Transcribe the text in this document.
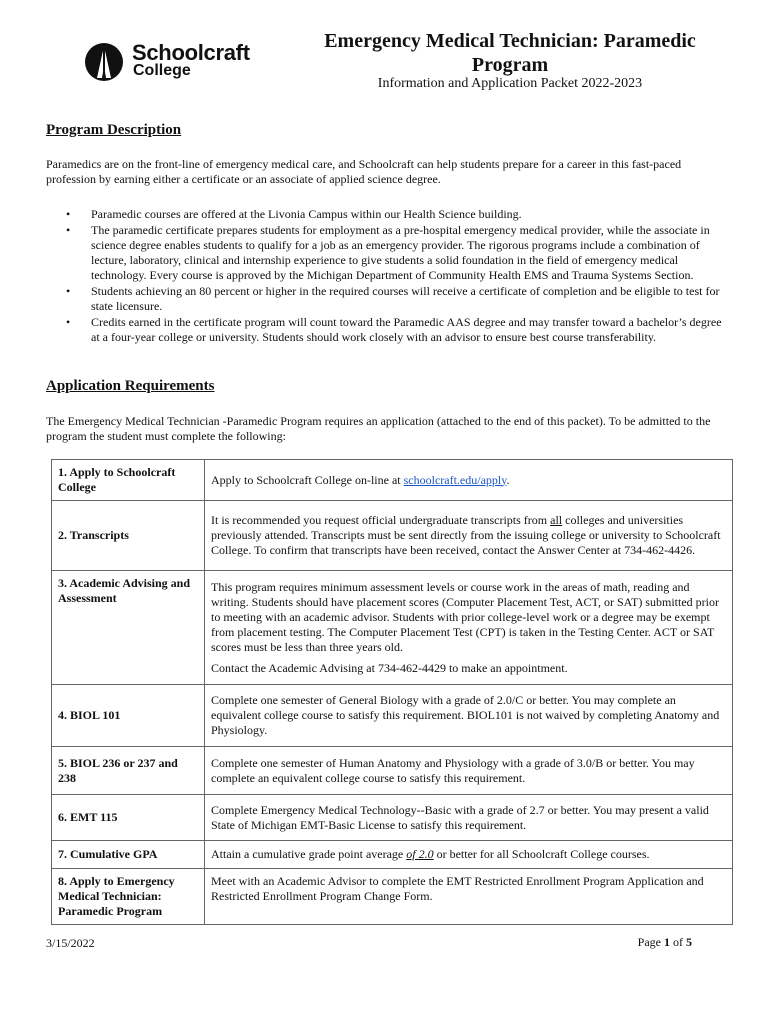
Schoolcraft
College
Emergency Medical Technician: Paramedic Program
Information and Application Packet 2022-2023
Program Description

Paramedics are on the front-line of emergency medical care, and Schoolcraft can help students prepare for a career in this fast-paced profession by earning either a certificate or an associate of applied science degree.

• Paramedic courses are offered at the Livonia Campus within our Health Science building.
• The paramedic certificate prepares students for employment as a pre-hospital emergency medical provider, while the associate in science degree enables students to qualify for a job as an emergency provider. The rigorous programs include a combination of lecture, laboratory, clinical and internship experience to give students a solid foundation in the field of emergency medical technology. Every course is approved by the Michigan Department of Community Health EMS and Trauma Systems Section.
• Students achieving an 80 percent or higher in the required courses will receive a certificate of completion and be eligible to test for state licensure.
• Credits earned in the certificate program will count toward the Paramedic AAS degree and may transfer toward a bachelor’s degree at a four-year college or university. Students should work closely with an advisor to ensure best course transferability.
Application Requirements

The Emergency Medical Technician -Paramedic Program requires an application (attached to the end of this packet). To be admitted to the program the student must complete the following:

1. Apply to Schoolcraft College	Apply to Schoolcraft College on-line at schoolcraft.edu/apply.
2. Transcripts	It is recommended you request official undergraduate transcripts from all colleges and universities previously attended. Transcripts must be sent directly from the issuing college or university to Schoolcraft College. To confirm that transcripts have been received, contact the Answer Center at 734-462-4426.
3. Academic Advising and Assessment	This program requires minimum assessment levels or course work in the areas of math, reading and writing. Students should have placement scores (Computer Placement Test, ACT, or SAT) submitted prior to meeting with an academic advisor. Students with prior college-level work or a degree may be exempt from placement testing. The Computer Placement Test (CPT) is taken in the Testing Center. ACT or SAT scores must be less than three years old.

Contact the Academic Advising at 734-462-4429 to make an appointment.

4. BIOL 101	Complete one semester of General Biology with a grade of 2.0/C or better. You may complete an equivalent college course to satisfy this requirement. BIOL101 is not waived by completing Anatomy and Physiology.
5. BIOL 236 or 237 and 238	Complete one semester of Human Anatomy and Physiology with a grade of 3.0/B or better. You may complete an equivalent college course to satisfy this requirement.
6. EMT 115	Complete Emergency Medical Technology--Basic with a grade of 2.7 or better. You may present a valid State of Michigan EMT-Basic License to satisfy this requirement.
7. Cumulative GPA	Attain a cumulative grade point average of 2.0 or better for all Schoolcraft College courses.
8. Apply to Emergency Medical Technician: Paramedic Program	Meet with an Academic Advisor to complete the EMT Restricted Enrollment Program Application and Restricted Enrollment Program Change Form.
3/15/2022	Page 1 of 5
